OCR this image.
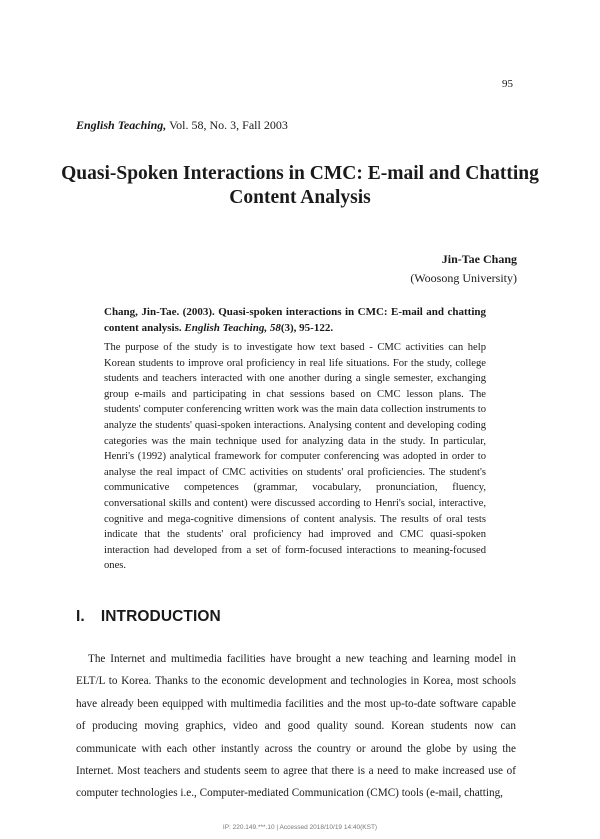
95
English Teaching, Vol. 58, No. 3, Fall 2003
Quasi-Spoken Interactions in CMC: E-mail and Chatting Content Analysis
Jin-Tae Chang
(Woosong University)
Chang, Jin-Tae. (2003). Quasi-spoken interactions in CMC: E-mail and chatting content analysis. English Teaching, 58(3), 95-122.
The purpose of the study is to investigate how text based - CMC activities can help Korean students to improve oral proficiency in real life situations. For the study, college students and teachers interacted with one another during a single semester, exchanging group e-mails and participating in chat sessions based on CMC lesson plans. The students' computer conferencing written work was the main data collection instruments to analyze the students' quasi-spoken interactions. Analysing content and developing coding categories was the main technique used for analyzing data in the study. In particular, Henri's (1992) analytical framework for computer conferencing was adopted in order to analyse the real impact of CMC activities on students' oral proficiencies. The student's communicative competences (grammar, vocabulary, pronunciation, fluency, conversational skills and content) were discussed according to Henri's social, interactive, cognitive and mega-cognitive dimensions of content analysis. The results of oral tests indicate that the students' oral proficiency had improved and CMC quasi-spoken interaction had developed from a set of form-focused interactions to meaning-focused ones.
I. INTRODUCTION
The Internet and multimedia facilities have brought a new teaching and learning model in ELT/L to Korea. Thanks to the economic development and technologies in Korea, most schools have already been equipped with multimedia facilities and the most up-to-date software capable of producing moving graphics, video and good quality sound. Korean students now can communicate with each other instantly across the country or around the globe by using the Internet. Most teachers and students seem to agree that there is a need to make increased use of computer technologies i.e., Computer-mediated Communication (CMC) tools (e-mail, chatting,
IP: 220.149.***.10 | Accessed 2018/10/19 14:40(KST)
